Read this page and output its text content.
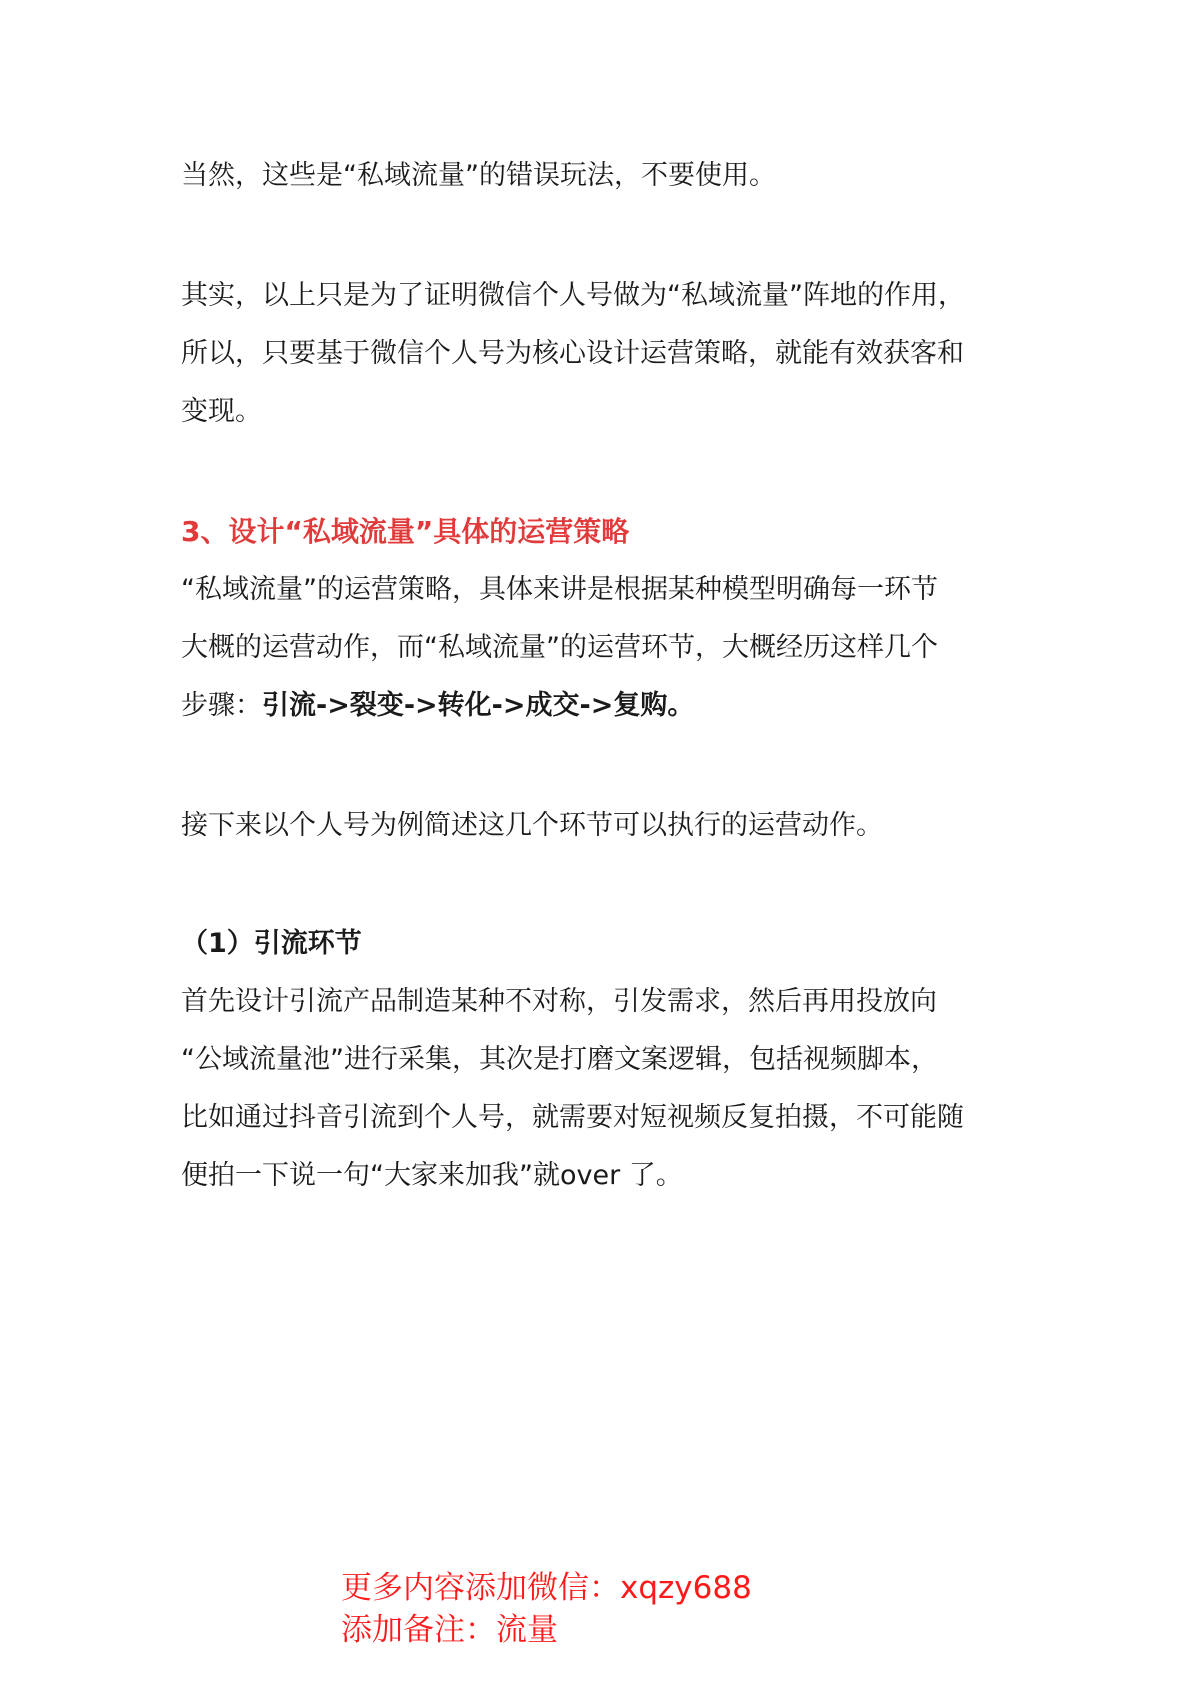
当然，这些是“私域流量”的错误玩法，不要使用。

其实，以上只是为了证明微信个人号做为“私域流量”阵地的作用，

所以，只要基于微信个人号为核心设计运营策略，就能有效获客和

变现。

3、设计“私域流量”具体的运营策略

“私域流量”的运营策略，具体来讲是根据某种模型明确每一环节

大概的运营动作，而“私域流量”的运营环节，大概经历这样几个

步骤：引流->裂变->转化->成交->复购。

接下来以个人号为例简述这几个环节可以执行的运营动作。

（1）引流环节

首先设计引流产品制造某种不对称，引发需求，然后再用投放向

“公域流量池”进行采集，其次是打磨文案逻辑，包括视频脚本，

比如通过抖音引流到个人号，就需要对短视频反复拍摄，不可能随

便拍一下说一句“大家来加我”就over 了。

更多内容添加微信：xqzy688

添加备注：流量
